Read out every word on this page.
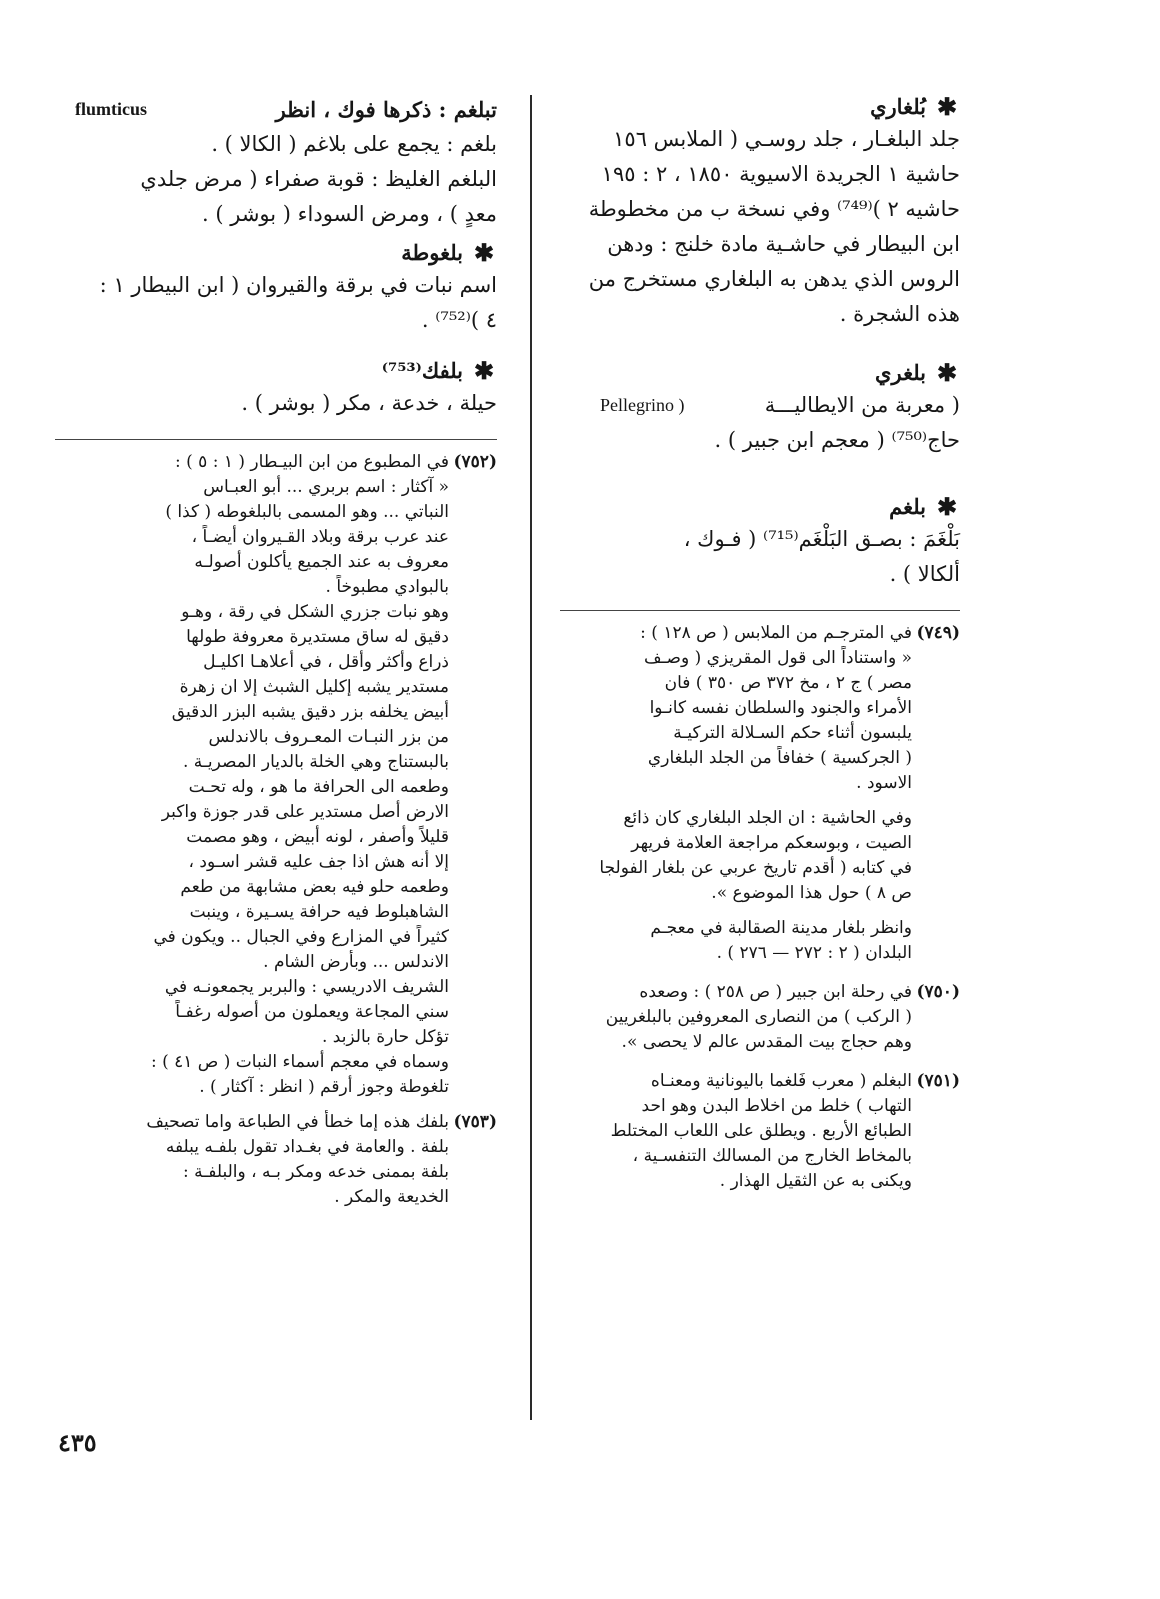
✱
بُلغاري

جلد البلغـار ، جلد روسـي ( الملابس ١٥٦
حاشية ١ الجريدة الاسيوية ١٨٥٠ ، ٢ : ١٩٥
حاشيه ٢ )⁽⁷⁴⁹⁾ وفي نسخة ب من مخطوطة
ابن البيطار في حاشـية مادة خلنج : ودهن
الروس الذي يدهن به البلغاري مستخرج من
هذه الشجرة .

✱
بلغري

( معربة من الايطاليـــة
Pellegrino )
حاج⁽⁷⁵⁰⁾ ( معجم ابن جبير ) .

✱
بلغم

بَلْغَمَ : بصـق البَلْغَم⁽⁷¹⁵⁾ ( فـوك ،
ألكالا ) .

(٧٤٩)
في المترجـم من الملابس ( ص ١٢٨ ) :
« واستناداً الى قول المقريزي ( وصـف
مصر ) ج ٢ ، مخ ٣٧٢ ص ٣٥٠ ) فان
الأمراء والجنود والسلطان نفسه كانـوا
يلبسون أثناء حكم السـلالة التركيـة
( الجركسية ) خفافاً من الجلد البلغاري
الاسود .
وفي الحاشية : ان الجلد البلغاري كان ذائع
الصيت ، وبوسعكم مراجعة العلامة فريهر
في كتابه ( أقدم تاريخ عربي عن بلغار الفولجا
ص ٨ ) حول هذا الموضوع ».
وانظر بلغار مدينة الصقالبة في معجـم
البلدان ( ٢ : ٢٧٢ — ٢٧٦ ) .
(٧٥٠)
في رحلة ابن جبير ( ص ٢٥٨ ) : وصعده
( الركب ) من النصارى المعروفين بالبلغريين
وهم حجاج بيت المقدس عالم لا يحصى ».
(٧٥١)
البغلم ( معرب فَلغما باليونانية ومعنـاه
التهاب ) خلط من اخلاط البدن وهو احد
الطبائع الأربع . ويطلق على اللعاب المختلط
بالمخاط الخارج من المسالك التنفسـية ،
ويكنى به عن الثقيل الهذار .

تبلغم : ذكرها فوك ، انظر
flumticus
بلغم : يجمع على بلاغم ( الكالا ) .
البلغم الغليظ : قوبة صفراء ( مرض جلدي
معدٍ ) ، ومرض السوداء ( بوشر ) .

✱
بلغوطة

اسم نبات في برقة والقيروان ( ابن البيطار ١ :
٤ )⁽⁷⁵²⁾ .

✱
بلفك⁽⁷⁵³⁾

حيلة ، خدعة ، مكر ( بوشر ) .

(٧٥٢)
في المطبوع من ابن البيـطار ( ١ : ٥ ) :
« آكثار : اسم بربري ... أبو العبـاس
النباتي ... وهو المسمى بالبلغوطه ( كذا )
عند عرب برقة وبلاد القـيروان أيضـاً ،
معروف به عند الجميع يأكلون أصولـه
بالبوادي مطبوخاً .
وهو نبات جزري الشكل في رقة ، وهـو
دقيق له ساق مستديرة معروفة طولها
ذراع وأكثر وأقل ، في أعلاهـا اكليـل
مستدير يشبه إكليل الشبث إلا ان زهرة
أبيض يخلفه بزر دقيق يشبه البزر الدقيق
من بزر النبـات المعـروف بالاندلس
بالبستناج وهي الخلة بالديار المصريـة .
وطعمه الى الحرافة ما هو ، وله تحـت
الارض أصل مستدير على قدر جوزة واكبر
قليلاً وأصفر ، لونه أبيض ، وهو مصمت
إلا أنه هش اذا جف عليه قشر اسـود ،
وطعمه حلو فيه بعض مشابهة من طعم
الشاهبلوط فيه حرافة يسـيرة ، وينبت
كثيراً في المزارع وفي الجبال .. ويكون في
الاندلس ... وبأرض الشام .
الشريف الادريسي : والبربر يجمعونـه في
سني المجاعة ويعملون من أصوله رغفـاً
تؤكل حارة بالزبد .
وسماه في معجم أسماء النبات ( ص ٤١ ) :
تلغوطة وجوز أرقم ( انظر : آكثار ) .
(٧٥٣)
بلفك هذه إما خطأ في الطباعة واما تصحيف
بلفة . والعامة في بغـداد تقول بلفـه يبلفه
بلفة بممنى خدعه ومكر بـه ، والبلفـة :
الخديعة والمكر .
٤٣٥
